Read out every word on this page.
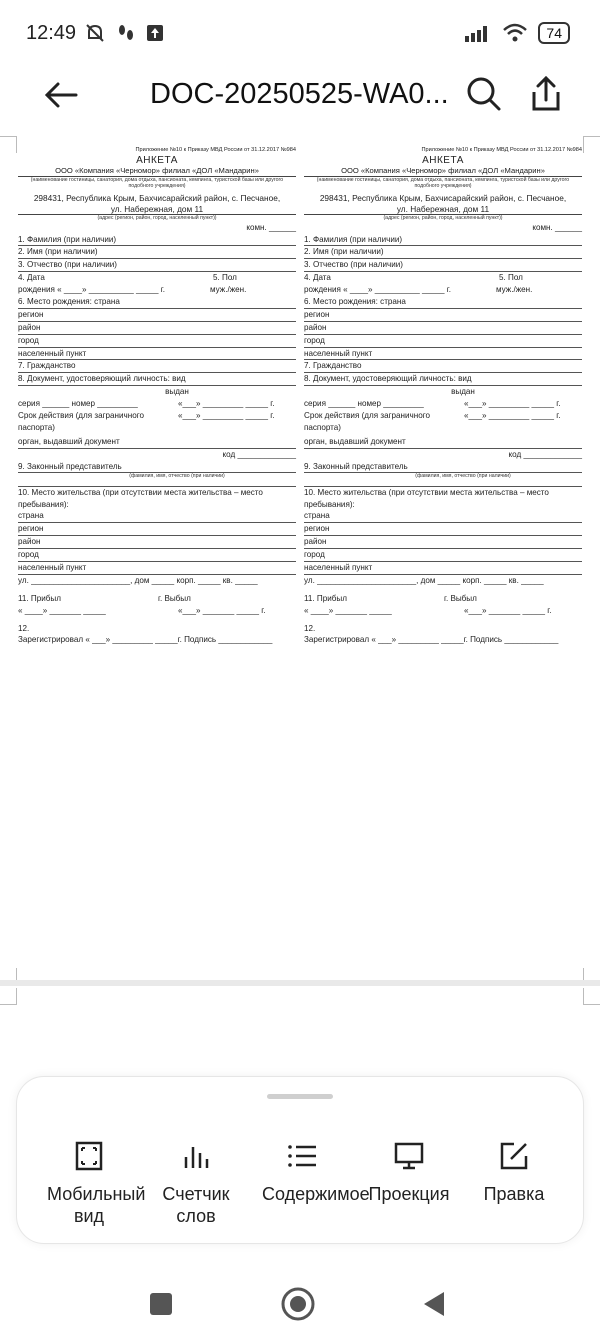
12:49	74
DOC-20250525-WA0...
Приложение №10 к Приказу МВД России от 31.12.2017 №984
АНКЕТА
ООО «Компания «Черномор» филиал «ДОЛ «Мандарин»
(наименование гостиницы, санатория, дома отдыха, пансионата, кемпинга, туристской базы или другого подобного учреждения)
298431, Республика Крым, Бахчисарайский район, с. Песчаное,
ул. Набережная, дом 11
(адрес (регион, район, город, населенный пункт))
комн. ______
1. Фамилия (при наличии)
2. Имя (при наличии)
3. Отчество (при наличии)
4. Дата	5. Пол
рождения « ____» __________ _____ г.	муж./жен.
6. Место рождения: страна
регион
район
город
населенный пункт
7. Гражданство
8. Документ, удостоверяющий личность: вид
выдан
серия ______ номер _________	«___» _________ _____ г.
Срок действия (для заграничного	«___» _________ _____ г.
паспорта)
орган, выдавший документ
код _____________
9. Законный представитель
(фамилия, имя, отчество (при наличии)
10. Место жительства (при отсутствии места жительства – место
пребывания):
страна
регион
район
город
населенный пункт
ул. ______________________, дом _____ корп. _____ кв. _____
11. Прибыл	г. Выбыл
« ____» _______ _____	«___» _______ _____ г.
12.
Зарегистрировал « ___» _________ _____г. Подпись ____________
Приложение №10 к Приказу МВД России от 31.12.2017 №984
АНКЕТА
ООО «Компания «Черномор» филиал «ДОЛ «Мандарин»
(наименование гостиницы, санатория, дома отдыха, пансионата, кемпинга, туристской базы или другого подобного учреждения)
298431, Республика Крым, Бахчисарайский район, с. Песчаное,
ул. Набережная, дом 11
(адрес (регион, район, город, населенный пункт))
комн. ______
1. Фамилия (при наличии)
2. Имя (при наличии)
3. Отчество (при наличии)
4. Дата	5. Пол
рождения « ____» __________ _____ г.	муж./жен.
6. Место рождения: страна
регион
район
город
населенный пункт
7. Гражданство
8. Документ, удостоверяющий личность: вид
выдан
серия ______ номер _________	«___» _________ _____ г.
Срок действия (для заграничного	«___» _________ _____ г.
паспорта)
орган, выдавший документ
код _____________
9. Законный представитель
(фамилия, имя, отчество (при наличии)
10. Место жительства (при отсутствии места жительства – место
пребывания):
страна
регион
район
город
населенный пункт
ул. ______________________, дом _____ корп. _____ кв. _____
11. Прибыл	г. Выбыл
« ____» _______ _____	«___» _______ _____ г.
12.
Зарегистрировал « ___» _________ _____г. Подпись ____________
Мобильный вид
Счетчик слов
Содержимое
Проекция	Правка
